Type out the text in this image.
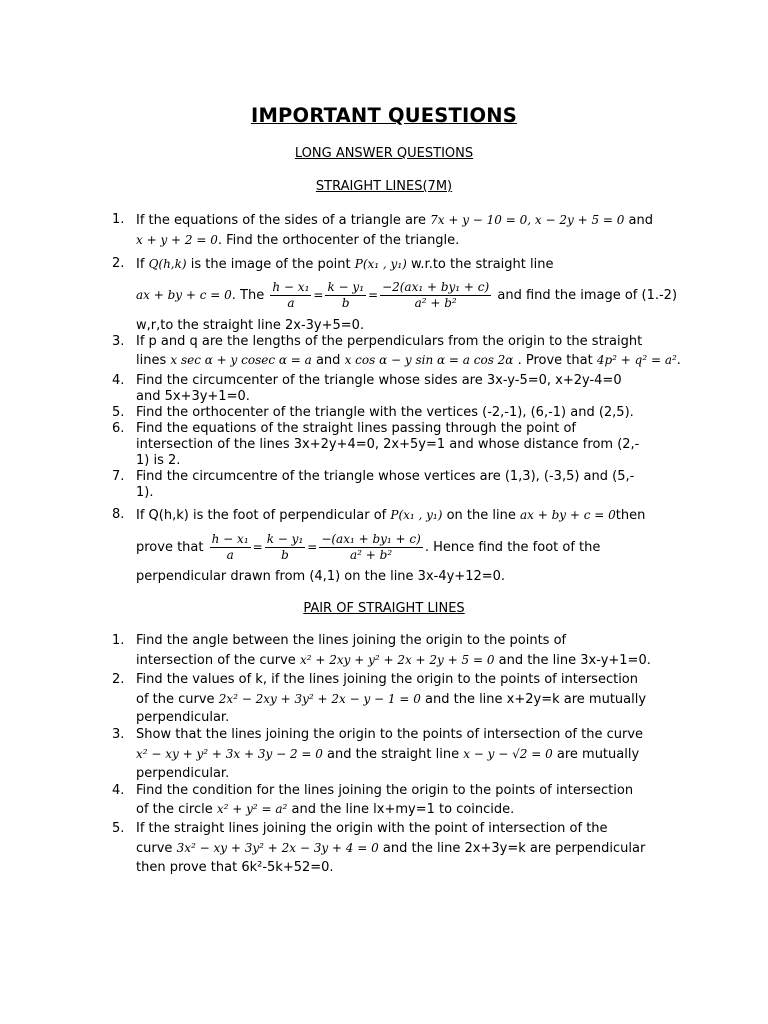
IMPORTANT QUESTIONS
LONG ANSWER QUESTIONS
STRAIGHT LINES(7M)
1. If the equations of the sides of a triangle are 7x + y − 10 = 0, x − 2y + 5 = 0 and
x + y + 2 = 0. Find the orthocenter of the triangle.
2. If Q(h,k) is the image of the point P(x₁ , y₁) w.r.to the straight line
ax + by + c = 0. The $\frac{\text{h − x₁}}{a} = \frac{\text{k − y₁}}{b} = \frac{\text{−2(ax₁ + by₁ + c)}}{\text{a² + b²}}$ and find the image of (1.-2)
w,r,to the straight line 2x-3y+5=0.
3. If p and q are the lengths of the perpendiculars from the origin to the straight
lines x sec α + y cosec α = a and x cos α − y sin α = a cos 2α . Prove that 4p² + q² = a².
4. Find the circumcenter of the triangle whose sides are 3x-y-5=0, x+2y-4=0
and 5x+3y+1=0.
5. Find the orthocenter of the triangle with the vertices (-2,-1), (6,-1) and (2,5).
6. Find the equations of the straight lines passing through the point of
intersection of the lines 3x+2y+4=0, 2x+5y=1 and whose distance from (2,-
1) is 2.
7. Find the circumcentre of the triangle whose vertices are (1,3), (-3,5) and (5,-
1).
8. If Q(h,k) is the foot of perpendicular of P(x₁ , y₁) on the line ax + by + c = 0then
prove that $\frac{\text{h − x₁}}{a} = \frac{\text{k − y₁}}{b} = \frac{\text{−(ax₁ + by₁ + c)}}{\text{a² + b²}}$ . Hence find the foot of the
perpendicular drawn from (4,1) on the line 3x-4y+12=0.
PAIR OF STRAIGHT LINES
1. Find the angle between the lines joining the origin to the points of
intersection of the curve x² + 2xy + y² + 2x + 2y + 5 = 0 and the line 3x-y+1=0.
2. Find the values of k, if the lines joining the origin to the points of intersection
of the curve 2x² − 2xy + 3y² + 2x − y − 1 = 0 and the line x+2y=k are mutually
perpendicular.
3. Show that the lines joining the origin to the points of intersection of the curve
x² − xy + y² + 3x + 3y − 2 = 0 and the straight line x − y − √2 = 0 are mutually
perpendicular.
4. Find the condition for the lines joining the origin to the points of intersection
of the circle x² + y² = a² and the line lx+my=1 to coincide.
5. If the straight lines joining the origin with the point of intersection of the
curve 3x² − xy + 3y² + 2x − 3y + 4 = 0 and the line 2x+3y=k are perpendicular
then prove that 6k²-5k+52=0.
